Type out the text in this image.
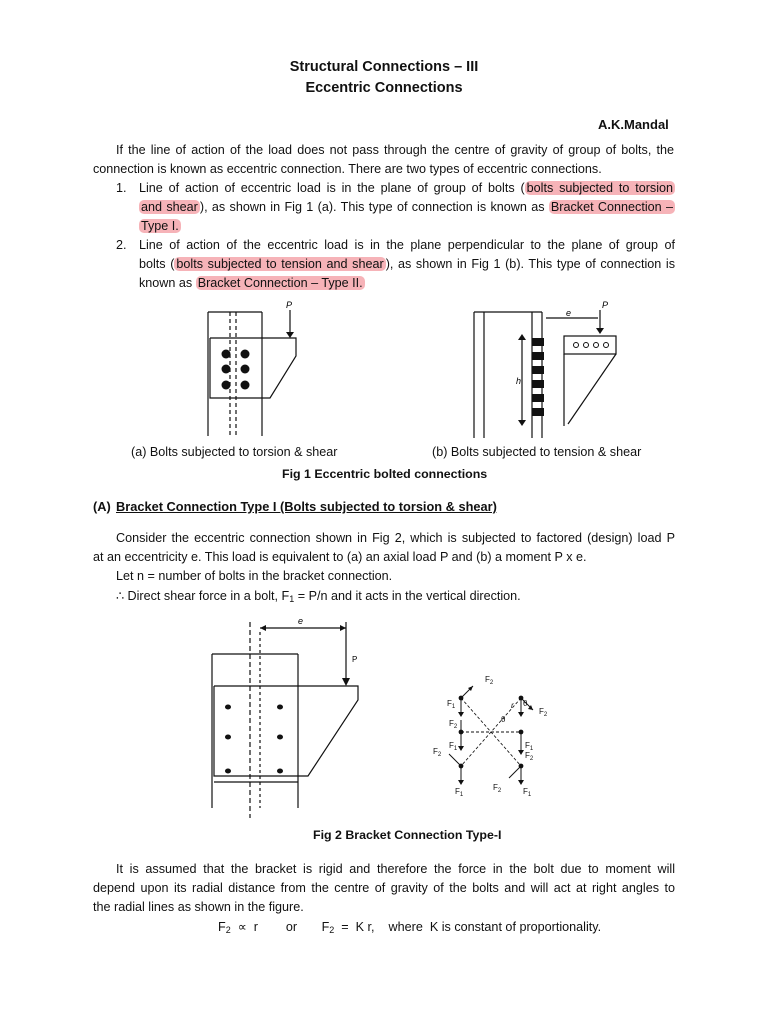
Structural Connections – III
Eccentric Connections
A.K.Mandal
If the line of action of the load does not pass through the centre of gravity of group of bolts, the
connection is known as eccentric connection. There are two types of eccentric connections.
1. Line of action of eccentric load is in the plane of group of bolts ( bolts subjected to torsion
and shear ), as shown in Fig 1 (a). This type of connection is known as Bracket Connection –
Type I.
2. Line of action of the eccentric load is in the plane perpendicular to the plane of group of
bolts ( bolts subjected to tension and shear ), as shown in Fig 1 (b). This type of connection is
known as Bracket Connection – Type II.
P	P
e
h
(a) Bolts subjected to torsion & shear	(b) Bolts subjected to tension & shear
Fig 1 Eccentric bolted connections
(A) Bracket Connection Type I (Bolts subjected to torsion & shear)
Consider the eccentric connection shown in Fig 2, which is subjected to factored (design) load P
at an eccentricity e. This load is equivalent to (a) an axial load P and (b) a moment P x e.
Let n = number of bolts in the bracket connection.
∴ Direct shear force in a bolt, $F_1 = P/n$ and it acts in the vertical direction.
e
P
$F_2$
$F_1$	$F_2$
$F_2$
$F_1$	$F_1$
$F_2$
$F_2$
$F_1$
$F_2$	$F_1$
θ
θ
r
Fig 2 Bracket Connection Type-I
It is assumed that the bracket is rigid and therefore the force in the bolt due to moment will
depend upon its radial distance from the centre of gravity of the bolts and will act at right angles to
the radial lines as shown in the figure.
$F_2 \propto r$        or       $F_2 = K$ r,    where  K is constant of proportionality.
